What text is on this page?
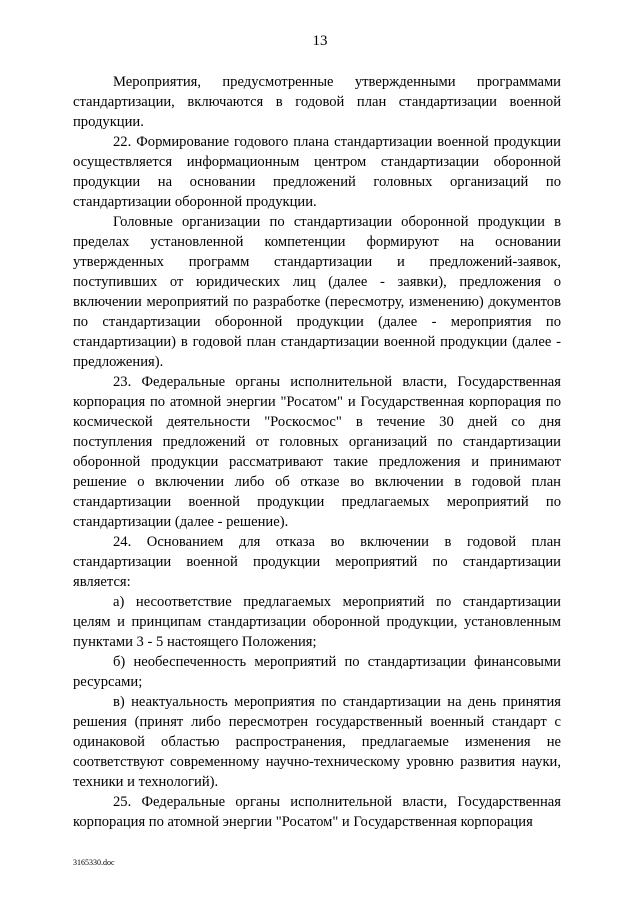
13

Мероприятия, предусмотренные утвержденными программами стандартизации, включаются в годовой план стандартизации военной продукции.

22. Формирование годового плана стандартизации военной продукции осуществляется информационным центром стандартизации оборонной продукции на основании предложений головных организаций по стандартизации оборонной продукции.

Головные организации по стандартизации оборонной продукции в пределах установленной компетенции формируют на основании утвержденных программ стандартизации и предложений-заявок, поступивших от юридических лиц (далее - заявки), предложения о включении мероприятий по разработке (пересмотру, изменению) документов по стандартизации оборонной продукции (далее - мероприятия по стандартизации) в годовой план стандартизации военной продукции (далее - предложения).

23. Федеральные органы исполнительной власти, Государственная корпорация по атомной энергии "Росатом" и Государственная корпорация по космической деятельности "Роскосмос" в течение 30 дней со дня поступления предложений от головных организаций по стандартизации оборонной продукции рассматривают такие предложения и принимают решение о включении либо об отказе во включении в годовой план стандартизации военной продукции предлагаемых мероприятий по стандартизации (далее - решение).

24. Основанием для отказа во включении в годовой план стандартизации военной продукции мероприятий по стандартизации является:

а) несоответствие предлагаемых мероприятий по стандартизации целям и принципам стандартизации оборонной продукции, установленным пунктами 3 - 5 настоящего Положения;

б) необеспеченность мероприятий по стандартизации финансовыми ресурсами;

в) неактуальность мероприятия по стандартизации на день принятия решения (принят либо пересмотрен государственный военный стандарт с одинаковой областью распространения, предлагаемые изменения не соответствуют современному научно-техническому уровню развития науки, техники и технологий).

25. Федеральные органы исполнительной власти, Государственная корпорация по атомной энергии "Росатом" и Государственная корпорация

3165330.doc
